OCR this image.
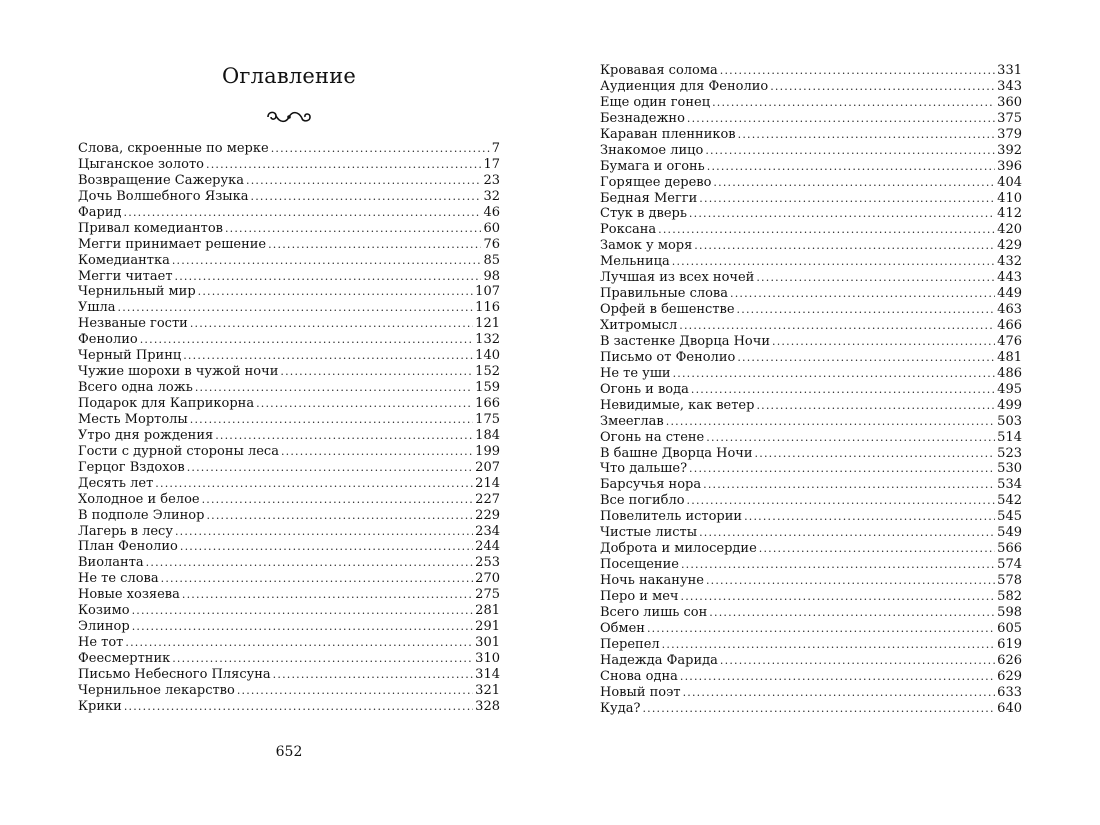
Оглавление
Слова, скроенные по мерке .....	7
Цыганское золото .....	17
Возвращение Сажерука .....	23
Дочь Волшебного Языка .....	32
Фарид .....	46
Привал комедиантов .....	60
Мегги принимает решение .....	76
Комедиантка .....	85
Мегги читает .....	98
Чернильный мир .....	107
Ушла .....	116
Незваные гости .....	121
Фенолио .....	132
Черный Принц .....	140
Чужие шорохи в чужой ночи .....	152
Всего одна ложь .....	159
Подарок для Каприкорна .....	166
Месть Мортолы .....	175
Утро дня рождения .....	184
Гости с дурной стороны леса .....	199
Герцог Вздохов .....	207
Десять лет .....	214
Холодное и белое .....	227
В подполе Элинор .....	229
Лагерь в лесу .....	234
План Фенолио .....	244
Виоланта .....	253
Не те слова .....	270
Новые хозяева .....	275
Козимо .....	281
Элинор .....	291
Не тот .....	301
Феесмертник .....	310
Письмо Небесного Плясуна .....	314
Чернильное лекарство .....	321
Крики .....	328
652
Кровавая солома .....	331
Аудиенция для Фенолио .....	343
Еще один гонец .....	360
Безнадежно .....	375
Караван пленников .....	379
Знакомое лицо .....	392
Бумага и огонь .....	396
Горящее дерево .....	404
Бедная Мегги .....	410
Стук в дверь .....	412
Роксана .....	420
Замок у моря .....	429
Мельница .....	432
Лучшая из всех ночей .....	443
Правильные слова .....	449
Орфей в бешенстве .....	463
Хитромысл .....	466
В застенке Дворца Ночи .....	476
Письмо от Фенолио .....	481
Не те уши .....	486
Огонь и вода .....	495
Невидимые, как ветер .....	499
Змееглав .....	503
Огонь на стене .....	514
В башне Дворца Ночи .....	523
Что дальше? .....	530
Барсучья нора .....	534
Все погибло .....	542
Повелитель истории .....	545
Чистые листы .....	549
Доброта и милосердие .....	566
Посещение .....	574
Ночь накануне .....	578
Перо и меч .....	582
Всего лишь сон .....	598
Обмен .....	605
Перепел .....	619
Надежда Фарида .....	626
Снова одна .....	629
Новый поэт .....	633
Куда? .....	640
